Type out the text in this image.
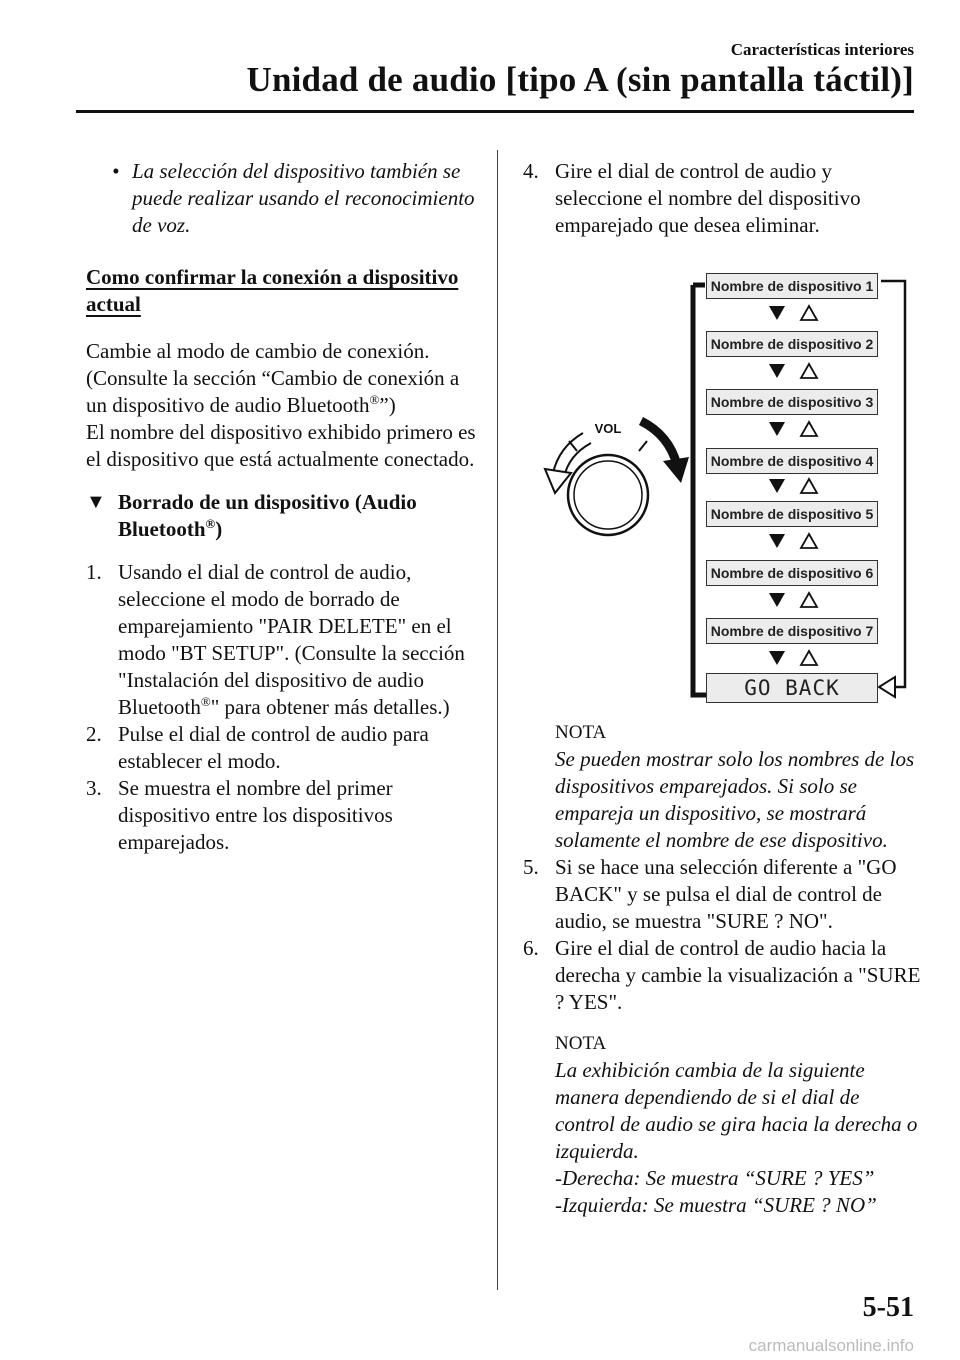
Características interiores
Unidad de audio [tipo A (sin pantalla táctil)]

• La selección del dispositivo también se puede realizar usando el reconocimiento de voz.

Como confirmar la conexión a dispositivo actual

Cambie al modo de cambio de conexión.

(Consulte la sección “Cambio de conexión a un dispositivo de audio Bluetooth®”)

El nombre del dispositivo exhibido primero es el dispositivo que está actualmente conectado.

▼ Borrado de un dispositivo (Audio Bluetooth®)

1. Usando el dial de control de audio, seleccione el modo de borrado de emparejamiento "PAIR DELETE" en el modo "BT SETUP". (Consulte la sección "Instalación del dispositivo de audio Bluetooth®" para obtener más detalles.)

2. Pulse el dial de control de audio para establecer el modo.

3. Se muestra el nombre del primer dispositivo entre los dispositivos emparejados.

4. Gire el dial de control de audio y seleccione el nombre del dispositivo emparejado que desea eliminar.

VOL
Nombre de dispositivo 1
Nombre de dispositivo 2
Nombre de dispositivo 3
Nombre de dispositivo 4
Nombre de dispositivo 5
Nombre de dispositivo 6
Nombre de dispositivo 7
GO BACK

NOTA

Se pueden mostrar solo los nombres de los dispositivos emparejados. Si solo se empareja un dispositivo, se mostrará solamente el nombre de ese dispositivo.

5. Si se hace una selección diferente a "GO BACK" y se pulsa el dial de control de audio, se muestra "SURE ? NO".

6. Gire el dial de control de audio hacia la derecha y cambie la visualización a "SURE ? YES".

NOTA

La exhibición cambia de la siguiente manera dependiendo de si el dial de control de audio se gira hacia la derecha o izquierda.

-Derecha: Se muestra “SURE ? YES”

-Izquierda: Se muestra “SURE ? NO”

5-51
carmanualsonline.info
